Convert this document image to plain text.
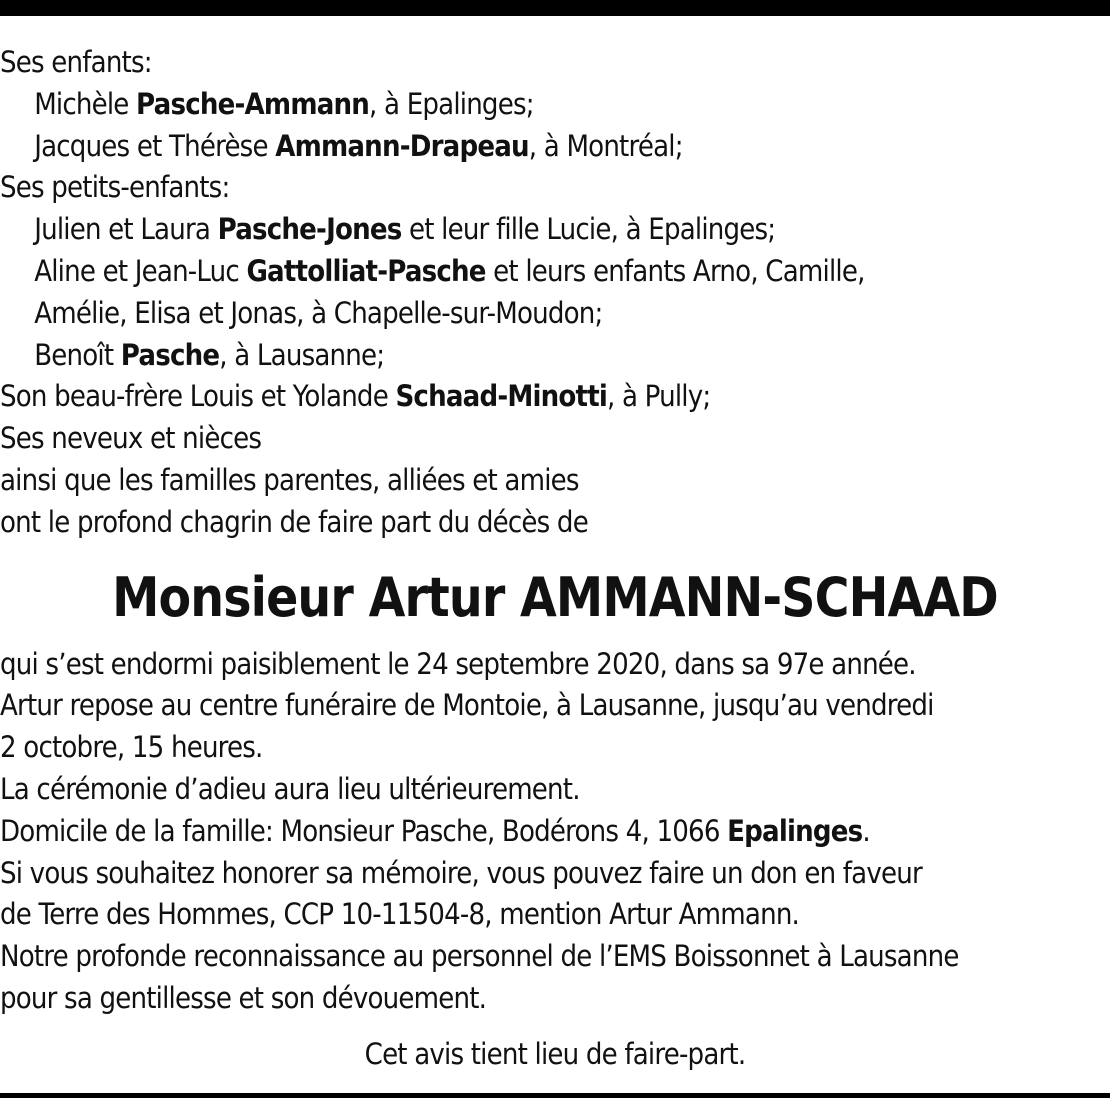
Ses enfants:
Michèle Pasche-Ammann, à Epalinges;
Jacques et Thérèse Ammann-Drapeau, à Montréal;
Ses petits-enfants:
Julien et Laura Pasche-Jones et leur fille Lucie, à Epalinges;
Aline et Jean-Luc Gattolliat-Pasche et leurs enfants Arno, Camille,
Amélie, Elisa et Jonas, à Chapelle-sur-Moudon;
Benoît Pasche, à Lausanne;
Son beau-frère Louis et Yolande Schaad-Minotti, à Pully;
Ses neveux et nièces
ainsi que les familles parentes, alliées et amies
ont le profond chagrin de faire part du décès de
Monsieur Artur AMMANN-SCHAAD
qui s’est endormi paisiblement le 24 septembre 2020, dans sa 97e année.
Artur repose au centre funéraire de Montoie, à Lausanne, jusqu’au vendredi
2 octobre, 15 heures.
La cérémonie d’adieu aura lieu ultérieurement.
Domicile de la famille: Monsieur Pasche, Bodérons 4, 1066 Epalinges.
Si vous souhaitez honorer sa mémoire, vous pouvez faire un don en faveur
de Terre des Hommes, CCP 10-11504-8, mention Artur Ammann.
Notre profonde reconnaissance au personnel de l’EMS Boissonnet à Lausanne
pour sa gentillesse et son dévouement.
Cet avis tient lieu de faire-part.
